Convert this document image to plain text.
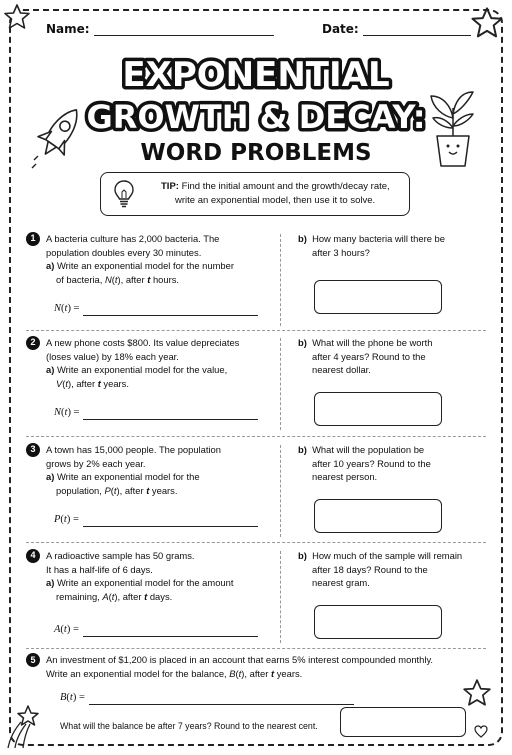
Name:	Date:
EXPONENTIAL
GROWTH & DECAY:
WORD PROBLEMS
TIP: Find the initial amount and the growth/decay rate,
write an exponential model, then use it to solve.
1	A bacteria culture has 2,000 bacteria. The
population doubles every 30 minutes.
a) Write an exponential model for the number
of bacteria, N(t), after t hours.
N(t) =
b)  How many bacteria will there be
after 3 hours?
2	A new phone costs $800. Its value depreciates
(loses value) by 18% each year.
a) Write an exponential model for the value,
V(t), after t years.
N(t) =
b)  What will the phone be worth
after 4 years? Round to the
nearest dollar.
3	A town has 15,000 people. The population
grows by 2% each year.
a) Write an exponential model for the
population, P(t), after t years.
P(t) =
b)  What will the population be
after 10 years? Round to the
nearest person.
4	A radioactive sample has 50 grams.
It has a half-life of 6 days.
a) Write an exponential model for the amount
remaining, A(t), after t days.
A(t) =
b)  How much of the sample will remain
after 18 days? Round to the
nearest gram.
5	An investment of $1,200 is placed in an account that earns 5% interest compounded monthly.
Write an exponential model for the balance, B(t), after t years.
B(t) =
What will the balance be after 7 years? Round to the nearest cent.
